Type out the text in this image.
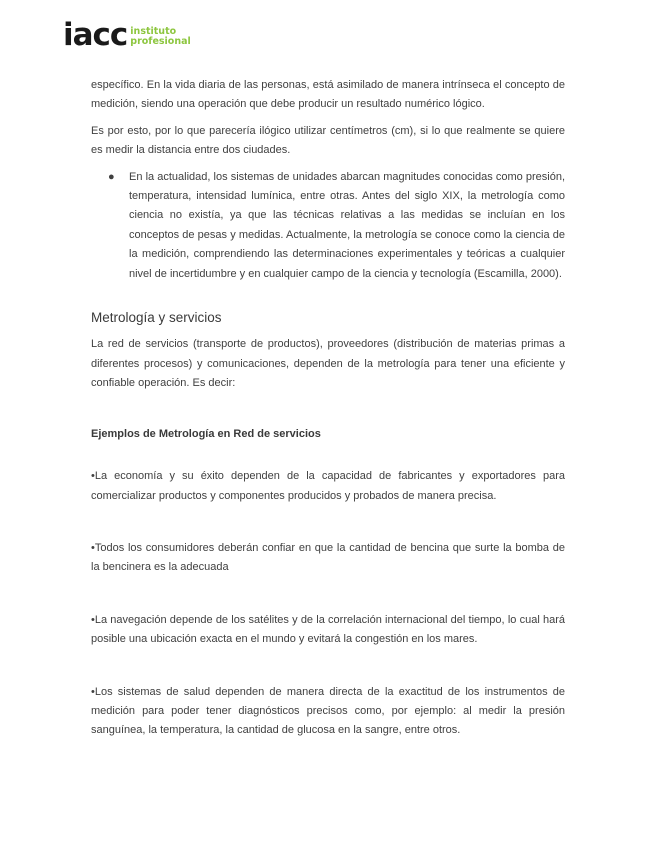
iacc instituto
profesional

específico. En la vida diaria de las personas, está asimilado de manera intrínseca el concepto de medición, siendo una operación que debe producir un resultado numérico lógico.

Es por esto, por lo que parecería ilógico utilizar centímetros (cm), si lo que realmente se quiere es medir la distancia entre dos ciudades.

● En la actualidad, los sistemas de unidades abarcan magnitudes conocidas como presión, temperatura, intensidad lumínica, entre otras. Antes del siglo XIX, la metrología como ciencia no existía, ya que las técnicas relativas a las medidas se incluían en los conceptos de pesas y medidas. Actualmente, la metrología se conoce como la ciencia de la medición, comprendiendo las determinaciones experimentales y teóricas a cualquier nivel de incertidumbre y en cualquier campo de la ciencia y tecnología (Escamilla, 2000).
Metrología y servicios

La red de servicios (transporte de productos), proveedores (distribución de materias primas a diferentes procesos) y comunicaciones, dependen de la metrología para tener una eficiente y confiable operación. Es decir:

Ejemplos de Metrología en Red de servicios

•La economía y su éxito dependen de la capacidad de fabricantes y exportadores para comercializar productos y componentes producidos y probados de manera precisa.

•Todos los consumidores deberán confiar en que la cantidad de bencina que surte la bomba de la bencinera es la adecuada

•La navegación depende de los satélites y de la correlación internacional del tiempo, lo cual hará posible una ubicación exacta en el mundo y evitará la congestión en los mares.

•Los sistemas de salud dependen de manera directa de la exactitud de los instrumentos de medición para poder tener diagnósticos precisos como, por ejemplo: al medir la presión sanguínea, la temperatura, la cantidad de glucosa en la sangre, entre otros.
